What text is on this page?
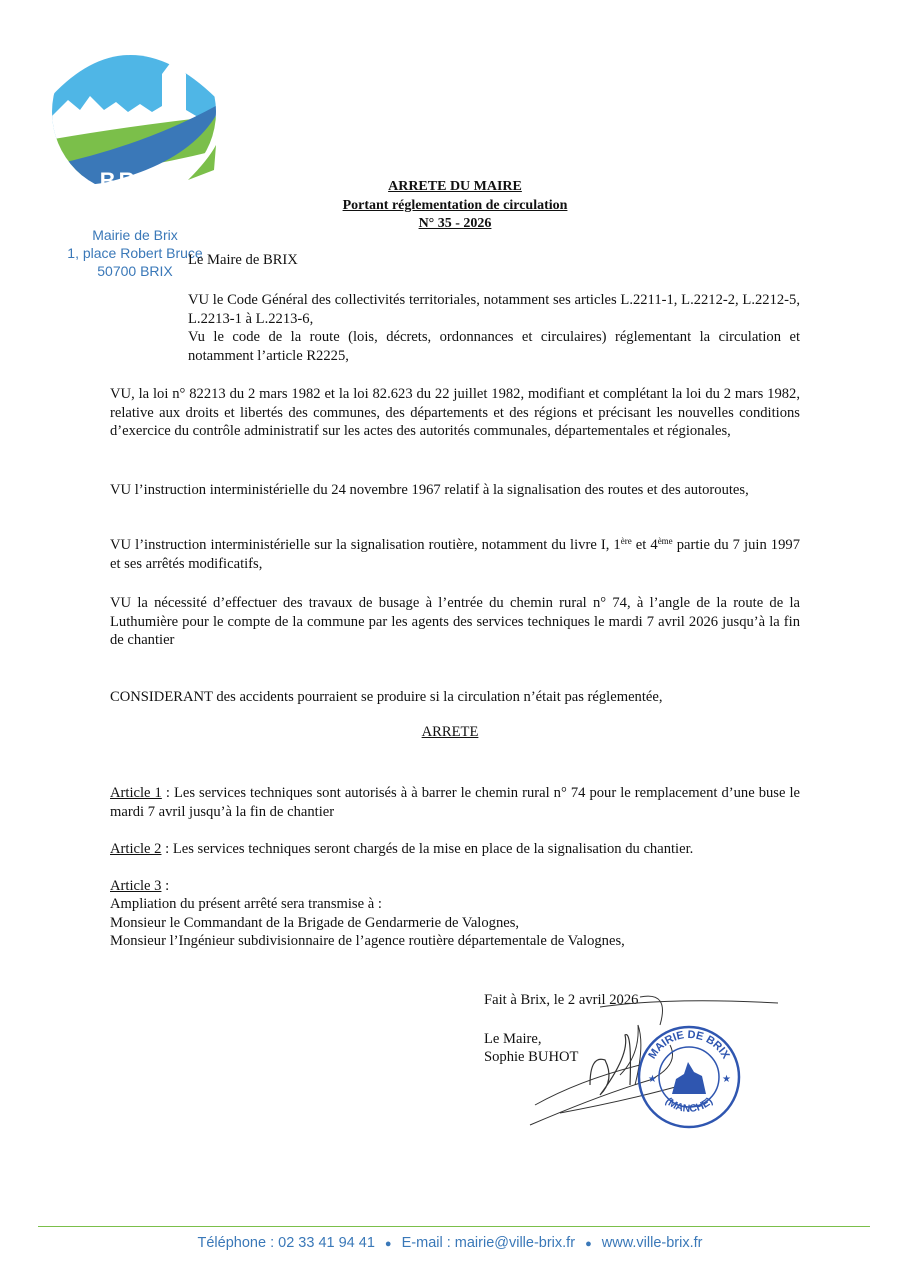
BRIX
Mairie de Brix
1, place Robert Bruce
50700 BRIX
ARRETE DU MAIRE
Portant réglementation de circulation
N° 35 - 2026
Le Maire de BRIX
VU le Code Général des collectivités territoriales, notamment ses articles L.2211-1, L.2212-2, L.2212-5, L.2213-1 à L.2213-6,
Vu le code de la route (lois, décrets, ordonnances et circulaires) réglementant la circulation et notamment l’article R2225,
VU, la loi n° 82213 du 2 mars 1982 et la loi 82.623 du 22 juillet 1982, modifiant et complétant la loi du 2 mars 1982, relative aux droits et libertés des communes, des départements et des régions et précisant les nouvelles conditions d’exercice du contrôle administratif sur les actes des autorités communales, départementales et régionales,
VU l’instruction interministérielle du 24 novembre 1967 relatif à la signalisation des routes et des autoroutes,
VU l’instruction interministérielle sur la signalisation routière, notamment du livre I, 1ère et 4ème partie du 7 juin 1997 et ses arrêtés modificatifs,
VU la nécessité d’effectuer des travaux de busage à l’entrée du chemin rural n° 74, à l’angle de la route de la Luthumière pour le compte de la commune par les agents des services techniques le mardi 7 avril 2026 jusqu’à la fin de chantier
CONSIDERANT des accidents pourraient se produire si la circulation n’était pas réglementée,
ARRETE
Article 1 : Les services techniques sont autorisés à à barrer le chemin rural n° 74 pour le remplacement d’une buse le mardi 7 avril jusqu’à la fin de chantier
Article 2 : Les services techniques seront chargés de la mise en place de la signalisation du chantier.
Article 3 :
Ampliation du présent arrêté sera transmise à :
Monsieur le Commandant de la Brigade de Gendarmerie de Valognes,
Monsieur l’Ingénieur subdivisionnaire de l’agence routière départementale de Valognes,
Fait à Brix, le 2 avril 2026
Le Maire,
Sophie BUHOT	MAIRIE DE BRIX
(MANCHE)
★	★
Téléphone : 02 33 41 94 41 ● E-mail : mairie@ville-brix.fr ● www.ville-brix.fr
